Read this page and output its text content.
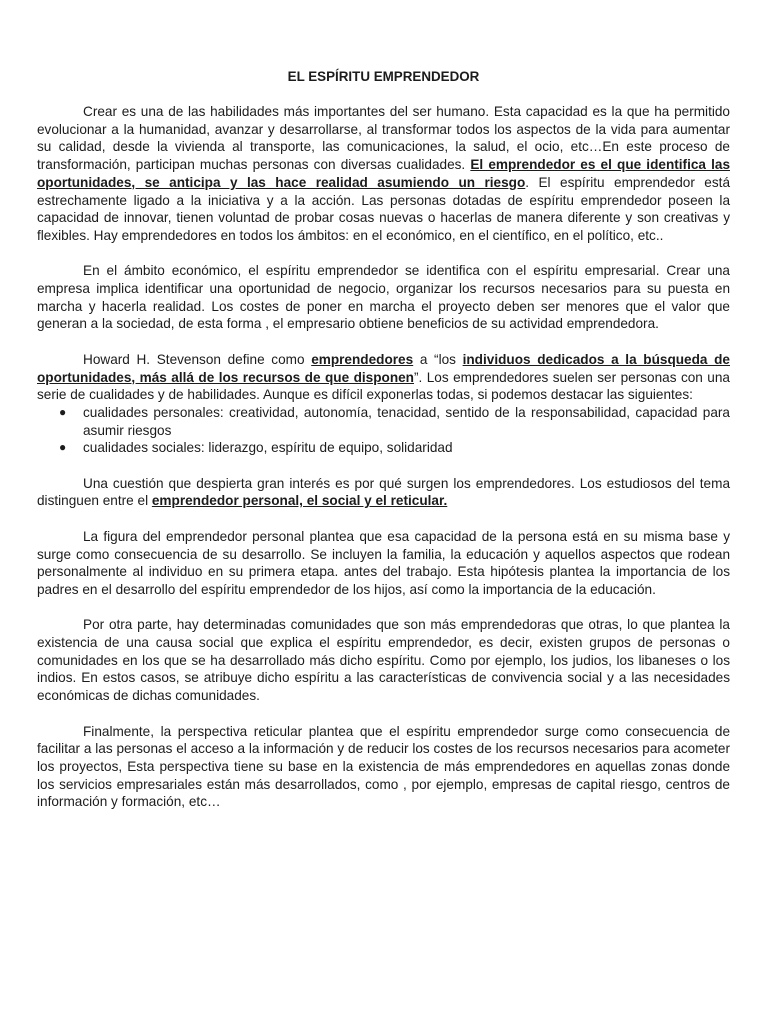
EL ESPÍRITU EMPRENDEDOR

Crear es una de las habilidades más importantes del ser humano. Esta capacidad es la que ha permitido evolucionar a la humanidad, avanzar y desarrollarse, al transformar todos los aspectos de la vida para aumentar su calidad, desde la vivienda al transporte, las comunicaciones, la salud, el ocio, etc…En este proceso de transformación, participan muchas personas con diversas cualidades. El emprendedor es el que identifica las oportunidades, se anticipa y las hace realidad asumiendo un riesgo. El espíritu emprendedor está estrechamente ligado a la iniciativa y a la acción. Las personas dotadas de espíritu emprendedor poseen la capacidad de innovar, tienen voluntad de probar cosas nuevas o hacerlas de manera diferente y son creativas y flexibles. Hay emprendedores en todos los ámbitos: en el económico, en el científico, en el político, etc..

En el ámbito económico, el espíritu emprendedor se identifica con el espíritu empresarial. Crear una empresa implica identificar una oportunidad de negocio, organizar los recursos necesarios para su puesta en marcha y hacerla realidad. Los costes de poner en marcha el proyecto deben ser menores que el valor que generan a la sociedad, de esta forma , el empresario obtiene beneficios de su actividad emprendedora.

Howard H. Stevenson define como emprendedores a “los individuos dedicados a la búsqueda de oportunidades, más allá de los recursos de que disponen”. Los emprendedores suelen ser personas con una serie de cualidades y de habilidades. Aunque es difícil exponerlas todas, si podemos destacar las siguientes:

● cualidades personales: creatividad, autonomía, tenacidad, sentido de la responsabilidad, capacidad para asumir riesgos
● cualidades sociales: liderazgo, espíritu de equipo, solidaridad

Una cuestión que despierta gran interés es por qué surgen los emprendedores. Los estudiosos del tema distinguen entre el emprendedor personal, el social y el reticular.

La figura del emprendedor personal plantea que esa capacidad de la persona está en su misma base y surge como consecuencia de su desarrollo. Se incluyen la familia, la educación y aquellos aspectos que rodean personalmente al individuo en su primera etapa. antes del trabajo. Esta hipótesis plantea la importancia de los padres en el desarrollo del espíritu emprendedor de los hijos, así como la importancia de la educación.

Por otra parte, hay determinadas comunidades que son más emprendedoras que otras, lo que plantea la existencia de una causa social que explica el espíritu emprendedor, es decir, existen grupos de personas o comunidades en los que se ha desarrollado más dicho espíritu. Como por ejemplo, los judios, los libaneses o los indios. En estos casos, se atribuye dicho espíritu a las características de convivencia social y a las necesidades económicas de dichas comunidades.

Finalmente, la perspectiva reticular plantea que el espíritu emprendedor surge como consecuencia de facilitar a las personas el acceso a la información y de reducir los costes de los recursos necesarios para acometer los proyectos, Esta perspectiva tiene su base en la existencia de más emprendedores en aquellas zonas donde los servicios empresariales están más desarrollados, como , por ejemplo, empresas de capital riesgo, centros de información y formación, etc…
